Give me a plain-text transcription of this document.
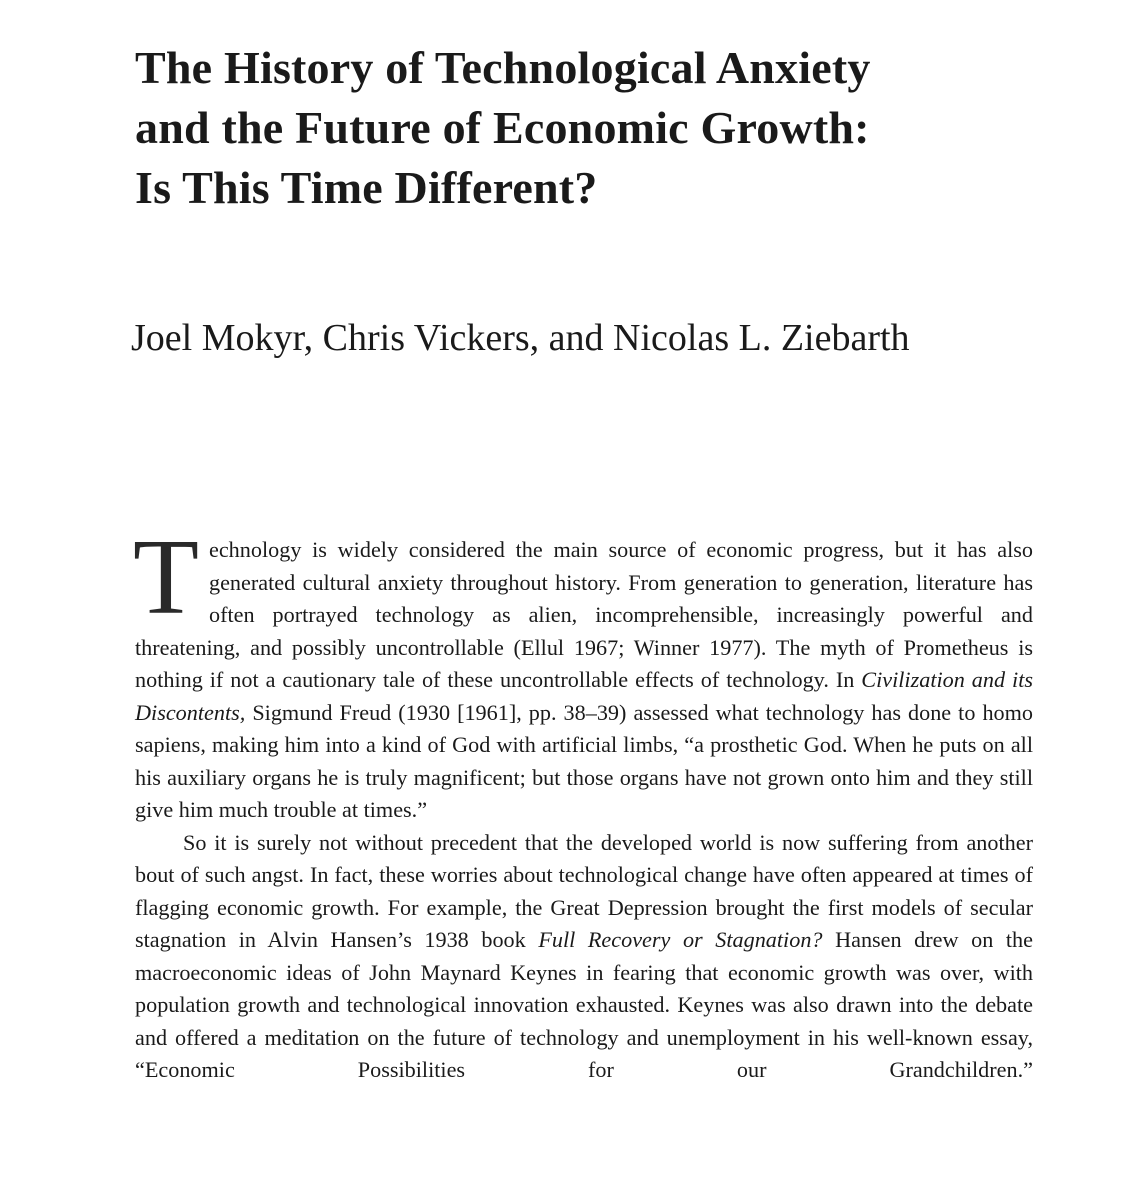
The History of Technological Anxiety
and the Future of Economic Growth:
Is This Time Different?
Joel Mokyr, Chris Vickers, and Nicolas L. Ziebarth

Technology is widely considered the main source of economic progress, but it has also generated cultural anxiety throughout history. From generation to generation, literature has often portrayed technology as alien, incomprehensible, increasingly powerful and threatening, and possibly uncontrollable (Ellul 1967; Winner 1977). The myth of Prometheus is nothing if not a cautionary tale of these uncontrollable effects of technology. In Civilization and its Discontents, Sigmund Freud (1930 [1961], pp. 38–39) assessed what technology has done to homo sapiens, making him into a kind of God with artificial limbs, “a prosthetic God. When he puts on all his auxiliary organs he is truly magnificent; but those organs have not grown onto him and they still give him much trouble at times.”

So it is surely not without precedent that the developed world is now suffering from another bout of such angst. In fact, these worries about technological change have often appeared at times of flagging economic growth. For example, the Great Depression brought the first models of secular stagnation in Alvin Hansen’s 1938 book Full Recovery or Stagnation? Hansen drew on the macroeconomic ideas of John Maynard Keynes in fearing that economic growth was over, with population growth and technological innovation exhausted. Keynes was also drawn into the debate and offered a meditation on the future of technology and unemployment in his well-known essay, “Economic Possibilities for our Grandchildren.”
